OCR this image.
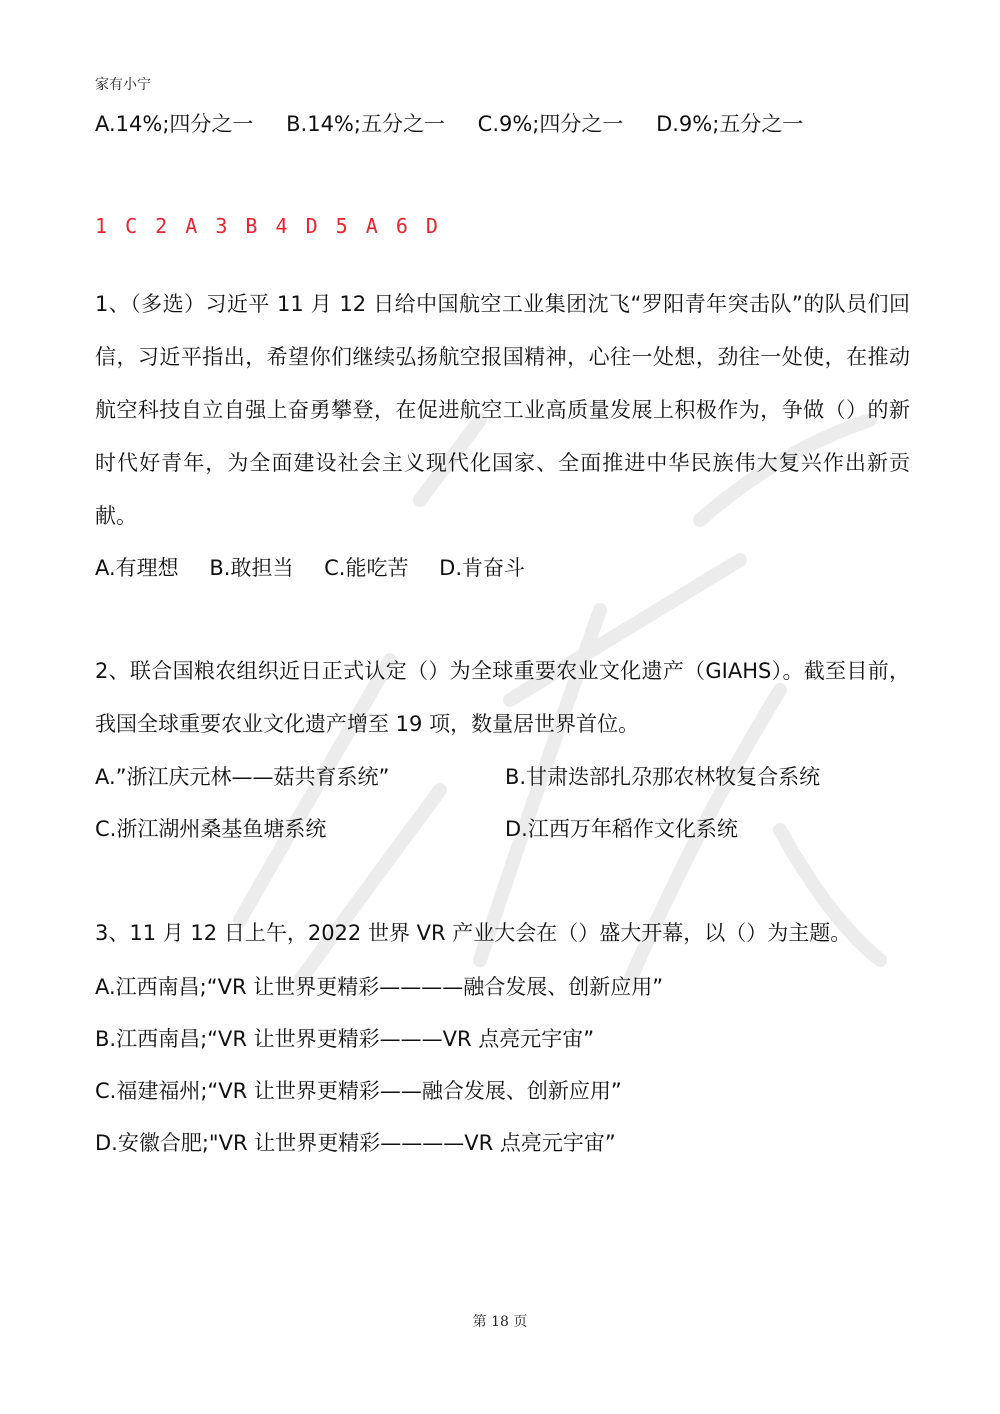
家有小宁
A.14%;四分之一 B.14%;五分之一 C.9%;四分之一 D.9%;五分之一
1 C 2 A 3 B 4 D 5 A 6 D
1、（多选）习近平 11 月 12 日给中国航空工业集团沈飞“罗阳青年突击队”的队员们回信，习近平指出，希望你们继续弘扬航空报国精神，心往一处想，劲往一处使，在推动航空科技自立自强上奋勇攀登，在促进航空工业高质量发展上积极作为，争做（）的新时代好青年，为全面建设社会主义现代化国家、全面推进中华民族伟大复兴作出新贡献。
A.有理想 B.敢担当 C.能吃苦 D.肯奋斗
2、联合国粮农组织近日正式认定（）为全球重要农业文化遗产（GIAHS）。截至目前，我国全球重要农业文化遗产增至 19 项，数量居世界首位。
A.”浙江庆元林——菇共育系统”	B.甘肃迭部扎尕那农林牧复合系统
C.浙江湖州桑基鱼塘系统	D.江西万年稻作文化系统
3、11 月 12 日上午，2022 世界 VR 产业大会在（）盛大开幕，以（）为主题。
A.江西南昌;“VR 让世界更精彩————融合发展、创新应用”
B.江西南昌;“VR 让世界更精彩———VR 点亮元宇宙”
C.福建福州;“VR 让世界更精彩——融合发展、创新应用”
D.安徽合肥;"VR 让世界更精彩————VR 点亮元宇宙”
第 18 页
